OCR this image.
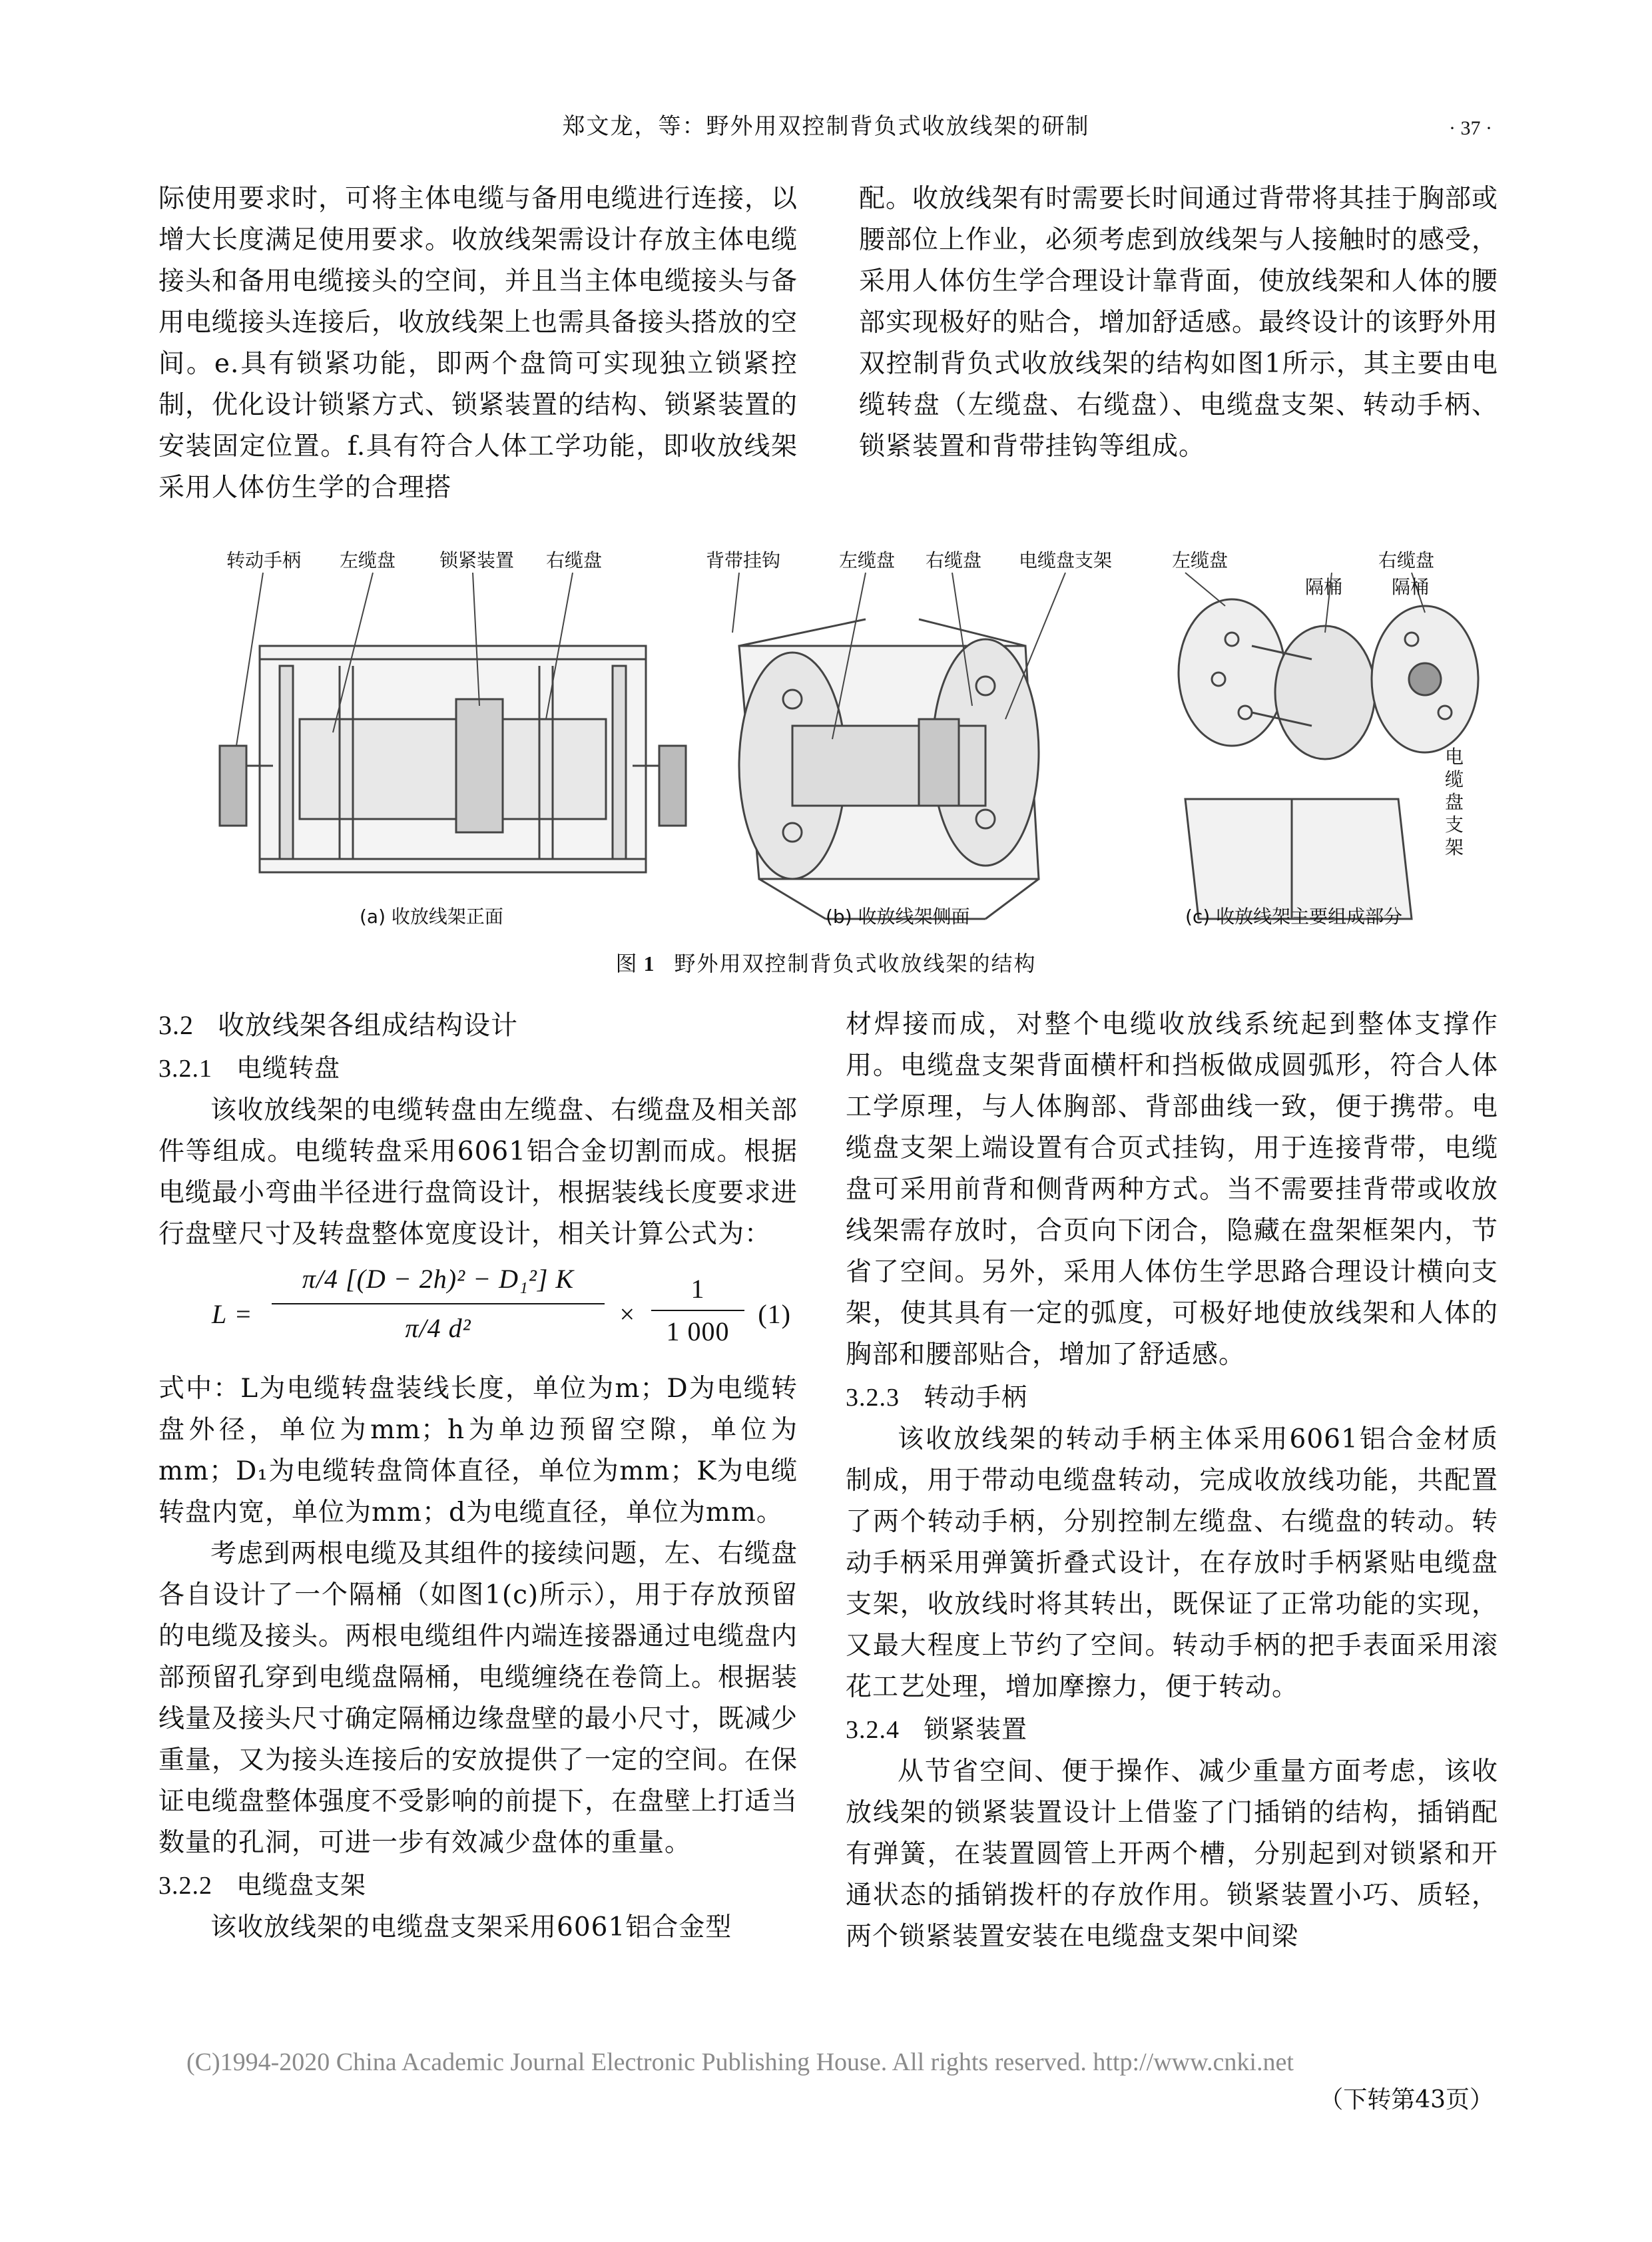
郑文龙，等：野外用双控制背负式收放线架的研制	· 37 ·

际使用要求时，可将主体电缆与备用电缆进行连接，以增大长度满足使用要求。收放线架需设计存放主体电缆接头和备用电缆接头的空间，并且当主体电缆接头与备用电缆接头连接后，收放线架上也需具备接头搭放的空间。e.具有锁紧功能，即两个盘筒可实现独立锁紧控制，优化设计锁紧方式、锁紧装置的结构、锁紧装置的安装固定位置。f.具有符合人体工学功能，即收放线架采用人体仿生学的合理搭

配。收放线架有时需要长时间通过背带将其挂于胸部或腰部位上作业，必须考虑到放线架与人接触时的感受，采用人体仿生学合理设计靠背面，使放线架和人体的腰部实现极好的贴合，增加舒适感。最终设计的该野外用双控制背负式收放线架的结构如图1所示，其主要由电缆转盘（左缆盘、右缆盘）、电缆盘支架、转动手柄、锁紧装置和背带挂钩等组成。

转动手柄 左缆盘 锁紧装置 右缆盘	背带挂钩	左缆盘 右缆盘 电缆盘支架	左缆盘	右缆盘
隔桶	隔桶
电缆盘支架
(a) 收放线架正面	(b) 收放线架侧面	(c) 收放线架主要组成部分
图 1 野外用双控制背负式收放线架的结构
3.2 收放线架各组成结构设计
3.2.1 电缆转盘

该收放线架的电缆转盘由左缆盘、右缆盘及相关部件等组成。电缆转盘采用6061铝合金切割而成。根据电缆最小弯曲半径进行盘筒设计，根据装线长度要求进行盘壁尺寸及转盘整体宽度设计，相关计算公式为：

L =
π/4 [(D − 2h)² − D₁²] K
π/4 d²	×
1
1 000
(1)

式中：L为电缆转盘装线长度，单位为m；D为电缆转盘外径，单位为mm；h为单边预留空隙，单位为mm；D₁为电缆转盘筒体直径，单位为mm；K为电缆转盘内宽，单位为mm；d为电缆直径，单位为mm。

考虑到两根电缆及其组件的接续问题，左、右缆盘各自设计了一个隔桶（如图1(c)所示），用于存放预留的电缆及接头。两根电缆组件内端连接器通过电缆盘内部预留孔穿到电缆盘隔桶，电缆缠绕在卷筒上。根据装线量及接头尺寸确定隔桶边缘盘壁的最小尺寸，既减少重量，又为接头连接后的安放提供了一定的空间。在保证电缆盘整体强度不受影响的前提下，在盘壁上打适当数量的孔洞，可进一步有效减少盘体的重量。

3.2.2 电缆盘支架

该收放线架的电缆盘支架采用6061铝合金型

材焊接而成，对整个电缆收放线系统起到整体支撑作用。电缆盘支架背面横杆和挡板做成圆弧形，符合人体工学原理，与人体胸部、背部曲线一致，便于携带。电缆盘支架上端设置有合页式挂钩，用于连接背带，电缆盘可采用前背和侧背两种方式。当不需要挂背带或收放线架需存放时，合页向下闭合，隐藏在盘架框架内，节省了空间。另外，采用人体仿生学思路合理设计横向支架，使其具有一定的弧度，可极好地使放线架和人体的胸部和腰部贴合，增加了舒适感。

3.2.3 转动手柄

该收放线架的转动手柄主体采用6061铝合金材质制成，用于带动电缆盘转动，完成收放线功能，共配置了两个转动手柄，分别控制左缆盘、右缆盘的转动。转动手柄采用弹簧折叠式设计，在存放时手柄紧贴电缆盘支架，收放线时将其转出，既保证了正常功能的实现，又最大程度上节约了空间。转动手柄的把手表面采用滚花工艺处理，增加摩擦力，便于转动。

3.2.4 锁紧装置

从节省空间、便于操作、减少重量方面考虑，该收放线架的锁紧装置设计上借鉴了门插销的结构，插销配有弹簧，在装置圆管上开两个槽，分别起到对锁紧和开通状态的插销拨杆的存放作用。锁紧装置小巧、质轻，两个锁紧装置安装在电缆盘支架中间梁

(C)1994-2020 China Academic Journal Electronic Publishing House. All rights reserved. http://www.cnki.net
（下转第43页）
